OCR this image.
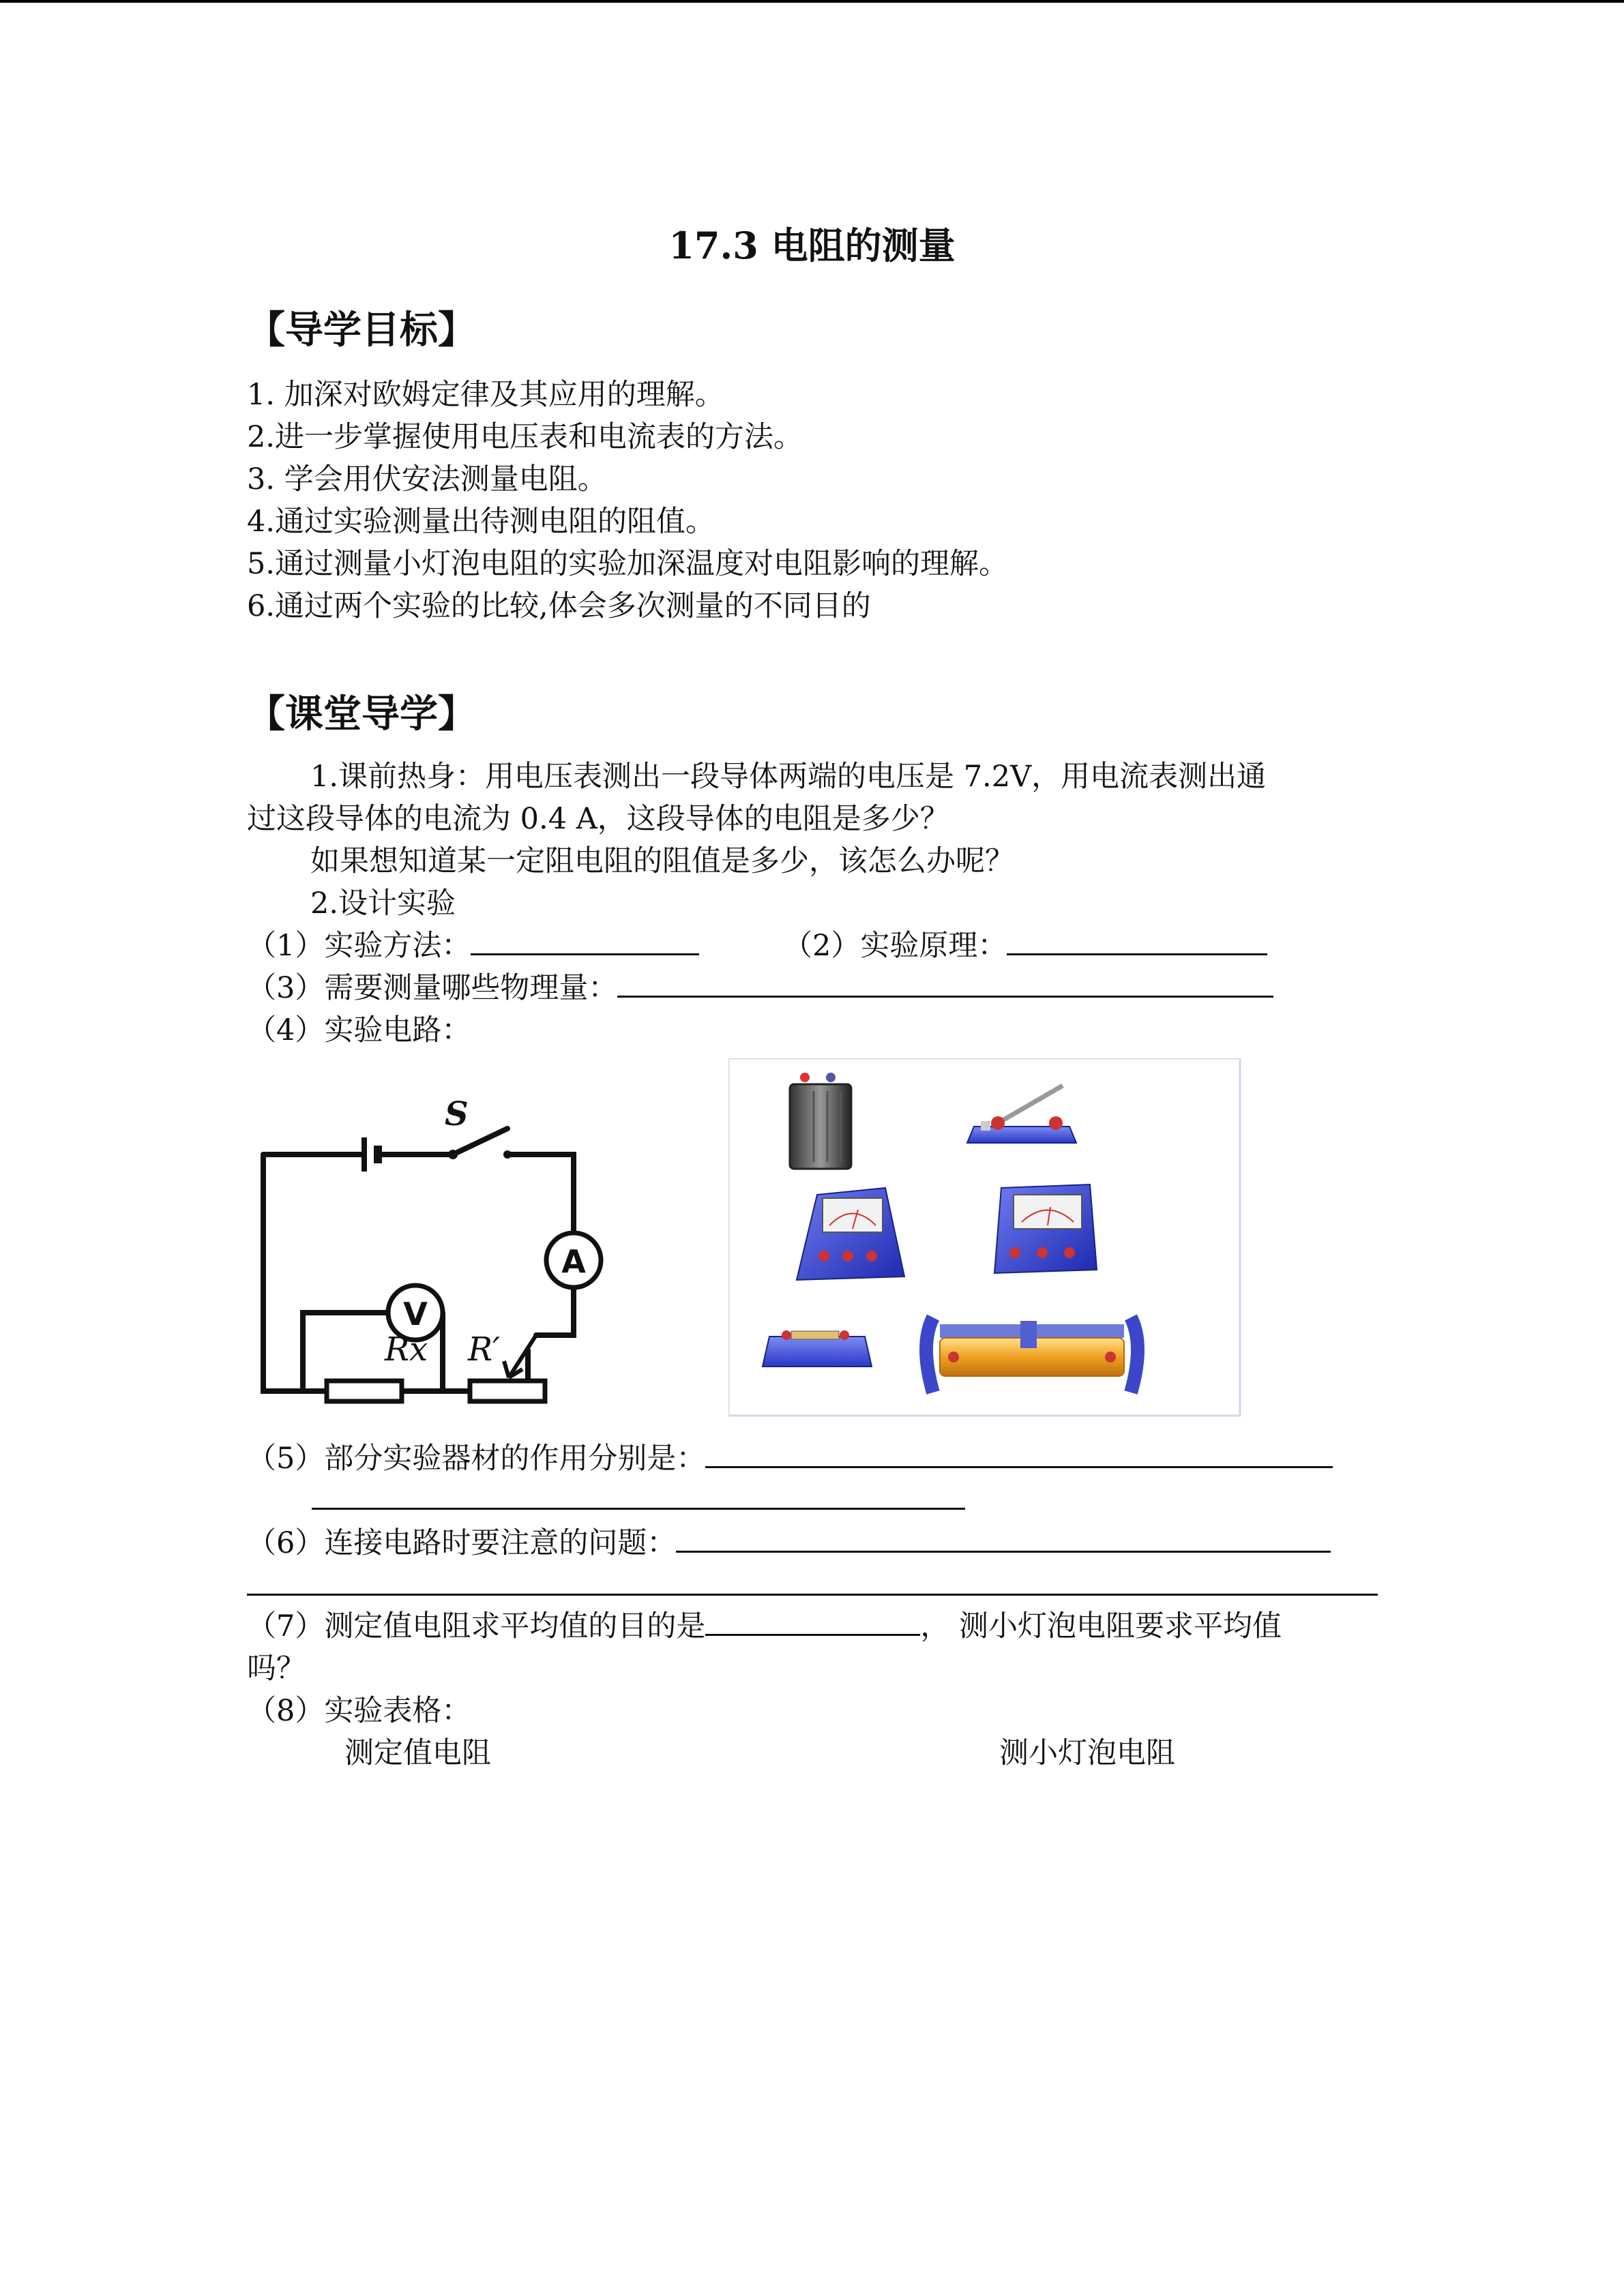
17.3 电阻的测量
【导学目标】
1. 加深对欧姆定律及其应用的理解。
2.进一步掌握使用电压表和电流表的方法。
3. 学会用伏安法测量电阻。
4.通过实验测量出待测电阻的阻值。
5.通过测量小灯泡电阻的实验加深温度对电阻影响的理解。
6.通过两个实验的比较,体会多次测量的不同目的
【课堂导学】
1.课前热身：用电压表测出一段导体两端的电压是 7.2V，用电流表测出通
过这段导体的电流为 0.4 A，这段导体的电阻是多少？
如果想知道某一定阻电阻的阻值是多少，该怎么办呢？
2.设计实验
（1）实验方法：	（2）实验原理：
（3）需要测量哪些物理量：
（4）实验电路：
S
A
V
Rx R′
（5）部分实验器材的作用分别是：
（6）连接电路时要注意的问题：
（7）测定值电阻求平均值的目的是	， 测小灯泡电阻要求平均值
吗？
（8）实验表格：
测定值电阻	测小灯泡电阻
